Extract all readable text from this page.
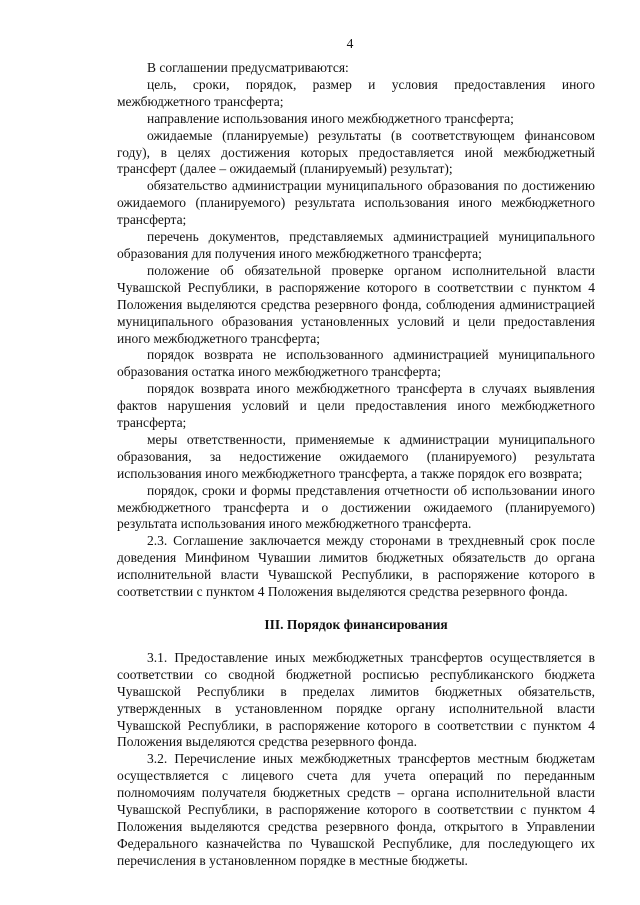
4

В соглашении предусматриваются:

цель, сроки, порядок, размер и условия предоставления иного межбюджетного трансферта;

направление использования иного межбюджетного трансферта;

ожидаемые (планируемые) результаты (в соответствующем финансовом году), в целях достижения которых предоставляется иной межбюджетный трансферт (далее – ожидаемый (планируемый) результат);

обязательство администрации муниципального образования по достижению ожидаемого (планируемого) результата использования иного межбюджетного трансферта;

перечень документов, представляемых администрацией муниципального образования для получения иного межбюджетного трансферта;

положение об обязательной проверке органом исполнительной власти Чувашской Республики, в распоряжение которого в соответствии с пунктом 4 Положения выделяются средства резервного фонда, соблюдения администрацией муниципального образования установленных условий и цели предоставления иного межбюджетного трансферта;

порядок возврата не использованного администрацией муниципального образования остатка иного межбюджетного трансферта;

порядок возврата иного межбюджетного трансферта в случаях выявления фактов нарушения условий и цели предоставления иного межбюджетного трансферта;

меры ответственности, применяемые к администрации муниципального образования, за недостижение ожидаемого (планируемого) результата использования иного межбюджетного трансферта, а также порядок его возврата;

порядок, сроки и формы представления отчетности об использовании иного межбюджетного трансферта и о достижении ожидаемого (планируемого) результата использования иного межбюджетного трансферта.

2.3. Соглашение заключается между сторонами в трехдневный срок после доведения Минфином Чувашии лимитов бюджетных обязательств до органа исполнительной власти Чувашской Республики, в распоряжение которого в соответствии с пунктом 4 Положения выделяются средства резервного фонда.

III. Порядок финансирования

3.1. Предоставление иных межбюджетных трансфертов осуществляется в соответствии со сводной бюджетной росписью республиканского бюджета Чувашской Республики в пределах лимитов бюджетных обязательств, утвержденных в установленном порядке органу исполнительной власти Чувашской Республики, в распоряжение которого в соответствии с пунктом 4 Положения выделяются средства резервного фонда.

3.2. Перечисление иных межбюджетных трансфертов местным бюджетам осуществляется с лицевого счета для учета операций по переданным полномочиям получателя бюджетных средств – органа исполнительной власти Чувашской Республики, в распоряжение которого в соответствии с пунктом 4 Положения выделяются средства резервного фонда, открытого в Управлении Федерального казначейства по Чувашской Республике, для последующего их перечисления в установленном порядке в местные бюджеты.
